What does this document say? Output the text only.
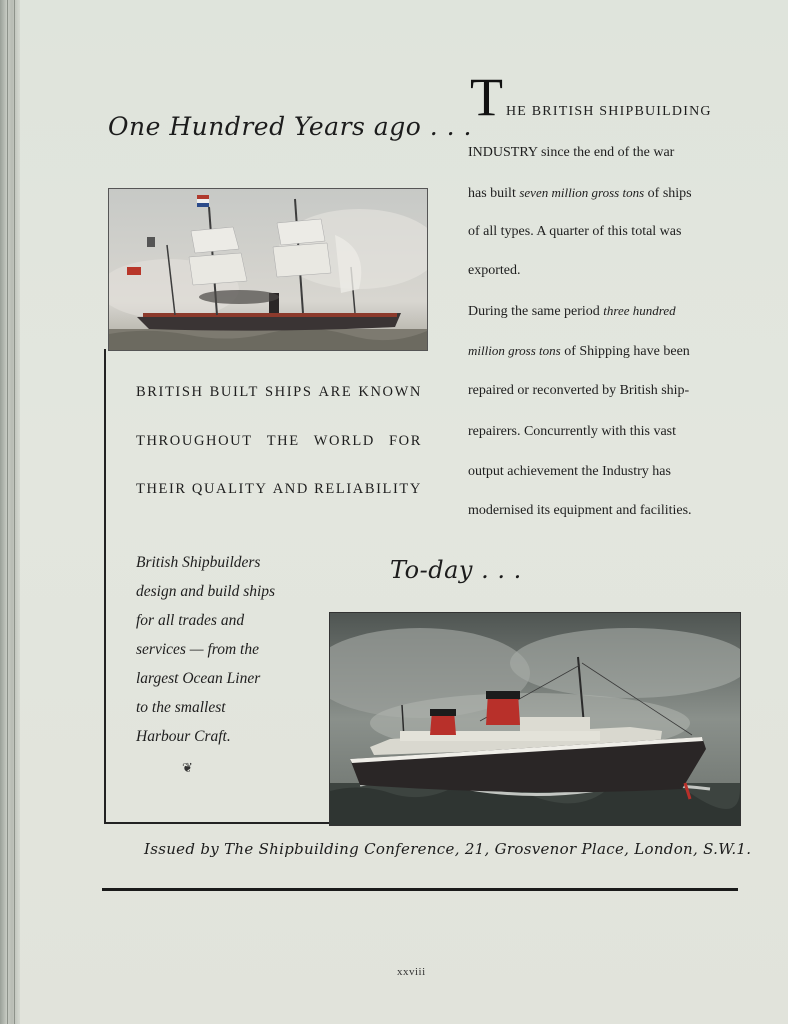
One Hundred Years ago . . .
BRITISH BUILT SHIPS ARE KNOWN
THROUGHOUT THE WORLD FOR
THEIR QUALITY AND RELIABILITY
British Shipbuilders
design and build ships
for all trades and
services — from the
largest Ocean Liner
to the smallest
Harbour Craft.
❦
T HE BRITISH SHIPBUILDING
INDUSTRY since the end of the war
has built seven million gross tons of ships
of all types. A quarter of this total was
exported.
During the same period three hundred
million gross tons of Shipping have been
repaired or reconverted by British ship-
repairers. Concurrently with this vast
output achievement the Industry has
modernised its equipment and facilities.
To-day . . .
Issued by The Shipbuilding Conference, 21, Grosvenor Place, London, S.W.1.
xxviii
